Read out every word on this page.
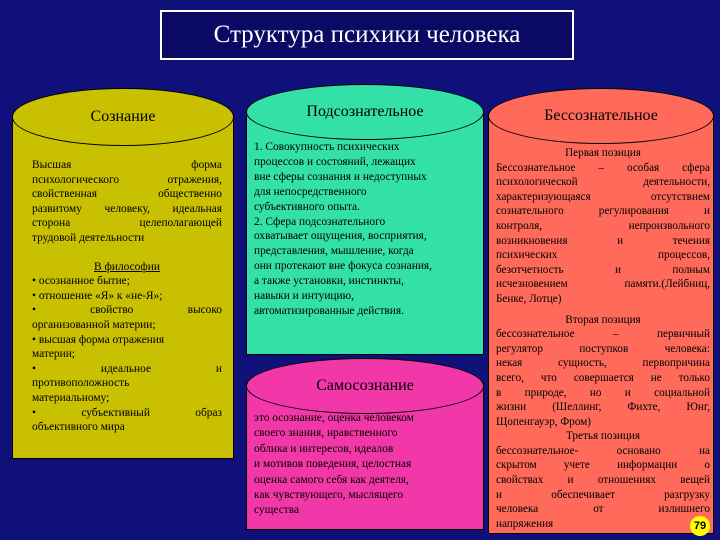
Структура психики человека
Сознание

Высшая форма

психологического отражения,

свойственная общественно

развитому человеку, идеальная

сторона целеполагающей

трудовой деятельности

В философии

• осознанное бытие;

• отношение «Я» к «не-Я»;

• свойство высоко

организованной материи;

• высшая форма отражения

материи;

• идеальное и

противоположность

материальному;

• субъективный образ

объективного мира

Подсознательное

1. Совокупность психических

процессов и состояний, лежащих

вне сферы сознания и недоступных

для непосредственного

субъективного опыта.

2. Сфера подсознательного

охватывает ощущения, восприятия,

представления, мышление, когда

они протекают вне фокуса сознания,

а также установки, инстинкты,

навыки и интуицию,

автоматизированные действия.

Самосознание

это осознание, оценка человеком

своего знания, нравственного

облика и интересов, идеалов

и мотивов поведения, целостная

оценка самого себя как деятеля,

как чувствующего, мыслящего

существа

Бессознательное

Первая позиция

Бессознательное – особая сфера

психологической деятельности,

характеризующаяся отсутствием

сознательного регулирования и

контроля, непроизвольного

возникновения и течения

психических процессов,

безотчетность и полным

исчезновением памяти.(Лейбниц,

Бенке, Лотце)

Вторая позиция

бессознательное – первичный

регулятор поступков человека:

некая сущность, первопричина

всего, что совершается не только

в природе, но и социальной

жизни (Шеллинг, Фихте, Юнг,

Щопенгауэр, Фром)

Третья позиция

бессознательное- основано на

скрытом учете информации о

свойствах и отношениях вещей

и обеспечивает разгрузку

человека от излишнего

напряжения	79
